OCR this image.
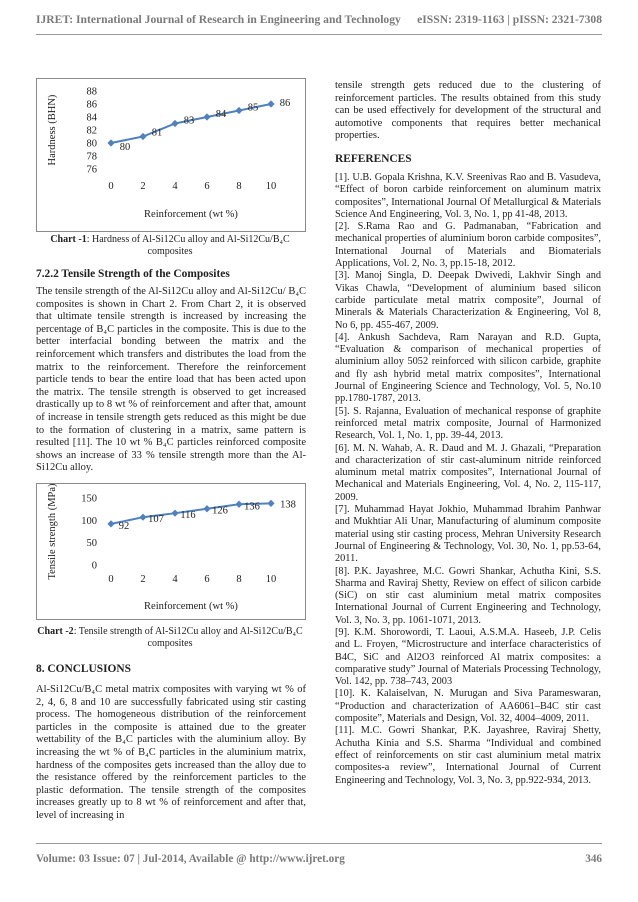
IJRET: International Journal of Research in Engineering and Technology eISSN: 2319-1163 | pISSN: 2321-7308
76
78
80
82
84
86
88
0	2	4	6	8 10
Reinforcement (wt %)
Hardness (BHN)	80
81
83
84
85 86
Chart -1: Hardness of Al-Si12Cu alloy and Al-Si12Cu/B₄C composites
7.2.2 Tensile Strength of the Composites

The tensile strength of the Al-Si12Cu alloy and Al-Si12Cu/ B₄C composites is shown in Chart 2. From Chart 2, it is observed that ultimate tensile strength is increased by increasing the percentage of B₄C particles in the composite. This is due to the better interfacial bonding between the matrix and the reinforcement which transfers and distributes the load from the matrix to the reinforcement. Therefore the reinforcement particle tends to bear the entire load that has been acted upon the matrix. The tensile strength is observed to get increased drastically up to 8 wt % of reinforcement and after that, amount of increase in tensile strength gets reduced as this might be due to the formation of clustering in a matrix, same pattern is resulted [11]. The 10 wt % B₄C particles reinforced composite shows an increase of 33 % tensile strength more than the Al-Si12Cu alloy.

0
50
100
150
0	2	4	6	8 10
Reinforcement (wt %)
Tensile strength (MPa)	92
107 116 126 136 138
Chart -2: Tensile strength of Al-Si12Cu alloy and Al-Si12Cu/B₄C composites
8. CONCLUSIONS

Al-Si12Cu/B₄C metal matrix composites with varying wt % of 2, 4, 6, 8 and 10 are successfully fabricated using stir casting process. The homogeneous distribution of the reinforcement particles in the composite is attained due to the greater wettability of the B₄C particles with the aluminium alloy. By increasing the wt % of B₄C particles in the aluminium matrix, hardness of the composites gets increased than the alloy due to the resistance offered by the reinforcement particles to the plastic deformation. The tensile strength of the composites increases greatly up to 8 wt % of reinforcement and after that, level of increasing in

tensile strength gets reduced due to the clustering of reinforcement particles. The results obtained from this study can be used effectively for development of the structural and automotive components that requires better mechanical properties.

REFERENCES

[1]. U.B. Gopala Krishna, K.V. Sreenivas Rao and B. Vasudeva, “Effect of boron carbide reinforcement on aluminum matrix composites”, International Journal Of Metallurgical & Materials Science And Engineering, Vol. 3, No. 1, pp 41-48, 2013.

[2]. S.Rama Rao and G. Padmanaban, “Fabrication and mechanical properties of aluminium boron carbide composites”, International Journal of Materials and Biomaterials Applications, Vol. 2, No. 3, pp.15-18, 2012.

[3]. Manoj Singla, D. Deepak Dwivedi, Lakhvir Singh and Vikas Chawla, “Development of aluminium based silicon carbide particulate metal matrix composite”, Journal of Minerals & Materials Characterization & Engineering, Vol 8, No 6, pp. 455-467, 2009.

[4]. Ankush Sachdeva, Ram Narayan and R.D. Gupta, “Evaluation & comparison of mechanical properties of aluminium alloy 5052 reinforced with silicon carbide, graphite and fly ash hybrid metal matrix composites”, International Journal of Engineering Science and Technology, Vol. 5, No.10 pp.1780-1787, 2013.

[5]. S. Rajanna, Evaluation of mechanical response of graphite reinforced metal matrix composite, Journal of Harmonized Research, Vol. 1, No. 1, pp. 39-44, 2013.

[6]. M. N. Wahab, A. R. Daud and M. J. Ghazali, “Preparation and characterization of stir cast-aluminum nitride reinforced aluminum metal matrix composites”, International Journal of Mechanical and Materials Engineering, Vol. 4, No. 2, 115-117, 2009.

[7]. Muhammad Hayat Jokhio, Muhammad Ibrahim Panhwar and Mukhtiar Ali Unar, Manufacturing of aluminum composite material using stir casting process, Mehran University Research Journal of Engineering & Technology, Vol. 30, No. 1, pp.53-64, 2011.

[8]. P.K. Jayashree, M.C. Gowri Shankar, Achutha Kini, S.S. Sharma and Raviraj Shetty, Review on effect of silicon carbide (SiC) on stir cast aluminium metal matrix composites International Journal of Current Engineering and Technology, Vol. 3, No. 3, pp. 1061-1071, 2013.

[9]. K.M. Shorowordi, T. Laoui, A.S.M.A. Haseeb, J.P. Celis and L. Froyen, “Microstructure and interface characteristics of B4C, SiC and Al2O3 reinforced Al matrix composites: a comparative study” Journal of Materials Processing Technology, Vol. 142, pp. 738–743, 2003

[10]. K. Kalaiselvan, N. Murugan and Siva Parameswaran, “Production and characterization of AA6061–B4C stir cast composite”, Materials and Design, Vol. 32, 4004–4009, 2011.

[11]. M.C. Gowri Shankar, P.K. Jayashree, Raviraj Shetty, Achutha Kinia and S.S. Sharma “Individual and combined effect of reinforcements on stir cast aluminium metal matrix composites-a review”, International Journal of Current Engineering and Technology, Vol. 3, No. 3, pp.922-934, 2013.

Volume: 03 Issue: 07 | Jul-2014, Available @ http://www.ijret.org	346
